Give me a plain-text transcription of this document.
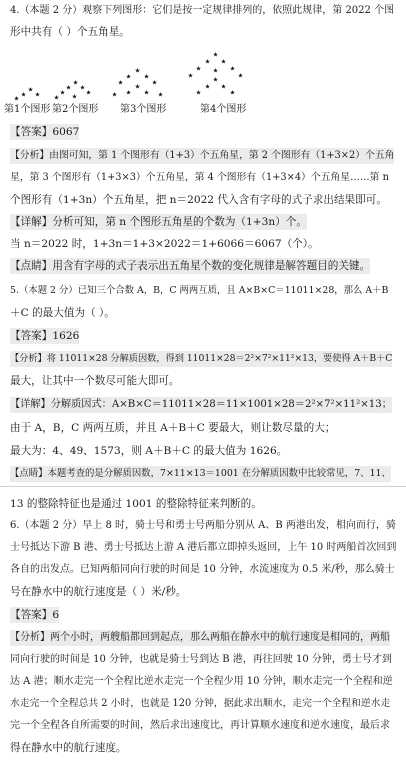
4.（本题 2 分）观察下列图形：它们是按一定规律排列的，依照此规律，第 2022 个图
形中共有（ ）个五角星。
第1个图形 第2个图形 第3个图形	第4个图形
【答案】6067
【分析】由图可知，第 1 个图形有（1+3）个五角星，第 2 个图形有（1+3×2）个五角
星，第 3 个图形有（1+3×3）个五角星，第 4 个图形有（1+3×4）个五角星……第 n
个图形有（1+3n）个五角星，把 n＝2022 代入含有字母的式子求出结果即可。
【详解】分析可知，第 n 个图形五角星的个数为（1+3n）个。
当 n＝2022 时，1+3n＝1+3×2022＝1+6066＝6067（个）。
【点睛】用含有字母的式子表示出五角星个数的变化规律是解答题目的关键。
5.（本题 2 分）已知三个合数 A，B，C 两两互质，且 A×B×C＝11011×28，那么 A＋B
＋C 的最大值为（ ）。
【答案】1626
【分析】将 11011×28 分解质因数，得到 11011×28＝2²×7²×11²×13，要使得 A＋B＋C
最大，让其中一个数尽可能大即可。
【详解】分解质因式：A×B×C＝11011×28＝11×1001×28＝2²×7²×11²×13；
由于 A，B，C 两两互质，并且 A＋B＋C 要最大，则让数尽量的大；
最大为：4、49、1573，则 A＋B＋C 的最大值为 1626。
【点睛】本题考查的是分解质因数，7×11×13＝1001 在分解质因数中比较常见，7、11、
13 的整除特征也是通过 1001 的整除特征来判断的。
6.（本题 2 分）早上 8 时，骑士号和勇士号两船分别从 A、B 两港出发，相向而行，骑
士号抵达下游 B 港、勇士号抵达上游 A 港后都立即掉头返回，上午 10 时两船首次回到
各自的出发点。已知两船同向行驶的时间是 10 分钟，水流速度为 0.5 米/秒，那么骑士
号在静水中的航行速度是（ ）米/秒。
【答案】6
【分析】两个小时，两艘船都回到起点，那么两船在静水中的航行速度是相同的，两船
同向行驶的时间是 10 分钟，也就是骑士号到达 B 港，再往回驶 10 分钟，勇士号才到
达 A 港；顺水走完一个全程比逆水走完一个全程少用 10 分钟，顺水走完一个全程和逆
水走完一个全程总共 2 小时，也就是 120 分钟，据此求出顺水，走完一个全程和逆水走
完一个全程各自所需要的时间，然后求出速度比，再计算顺水速度和逆水速度，最后求
得在静水中的航行速度。
